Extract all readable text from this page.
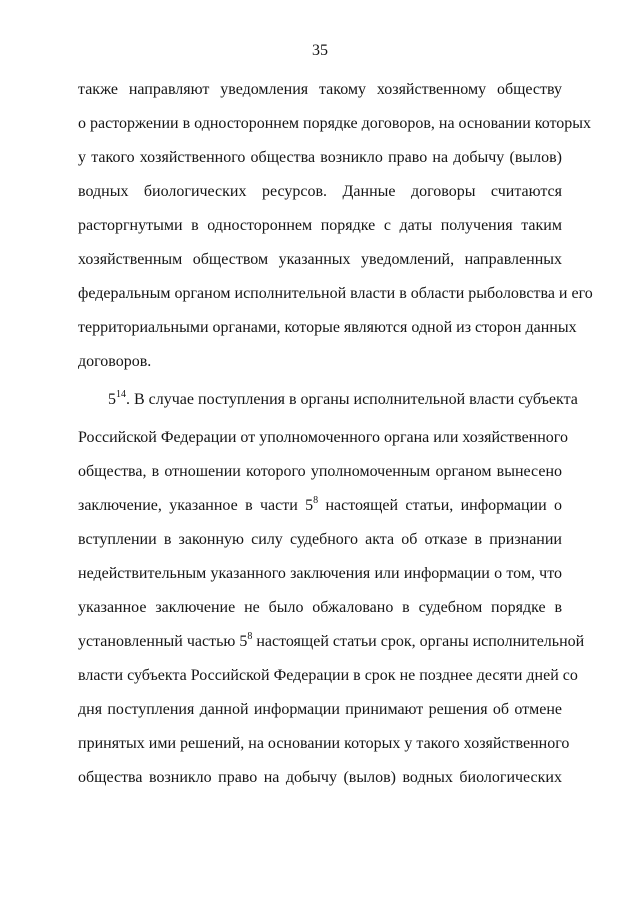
35
также направляют уведомления такому хозяйственному обществу
о расторжении в одностороннем порядке договоров, на основании которых
у такого хозяйственного общества возникло право на добычу (вылов)
водных биологических ресурсов. Данные договоры считаются
расторгнутыми в одностороннем порядке с даты получения таким
хозяйственным обществом указанных уведомлений, направленных
федеральным органом исполнительной власти в области рыболовства и его
территориальными органами, которые являются одной из сторон данных
договоров.
$5^{14}$. В случае поступления в органы исполнительной власти субъекта
Российской Федерации от уполномоченного органа или хозяйственного
общества, в отношении которого уполномоченным органом вынесено
заключение, указанное в части $5^8$ настоящей статьи, информации о
вступлении в законную силу судебного акта об отказе в признании
недействительным указанного заключения или информации о том, что
указанное заключение не было обжаловано в судебном порядке в
установленный частью $5^8$ настоящей статьи срок, органы исполнительной
власти субъекта Российской Федерации в срок не позднее десяти дней со
дня поступления данной информации принимают решения об отмене
принятых ими решений, на основании которых у такого хозяйственного
общества возникло право на добычу (вылов) водных биологических
